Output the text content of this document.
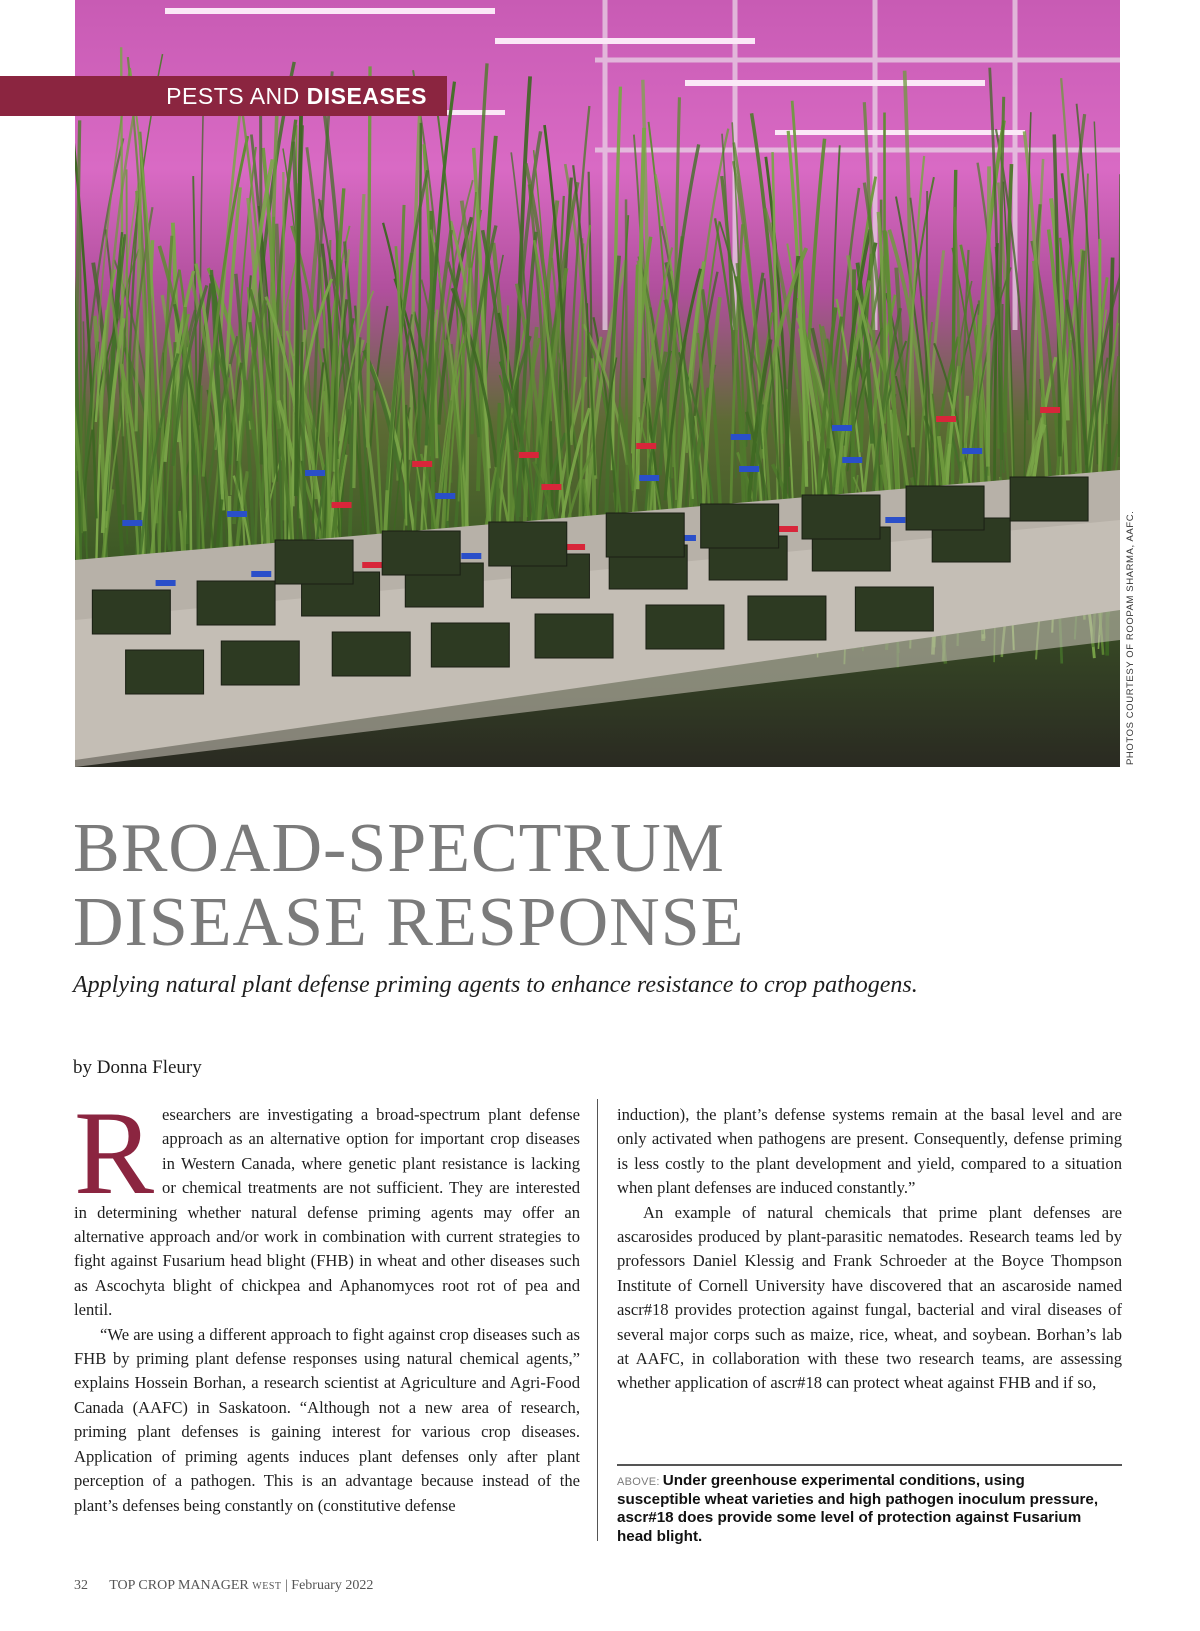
PESTS AND DISEASES
PHOTOS COURTESY OF ROOPAM SHARMA, AAFC.
BROAD-SPECTRUM
DISEASE RESPONSE

Applying natural plant defense priming agents to enhance resistance to crop pathogens.

by Donna Fleury

Researchers are investigating a broad-spectrum plant defense approach as an alternative option for important crop diseases in Western Canada, where genetic plant resistance is lacking or chemical treatments are not sufficient. They are interested in determining whether natural defense priming agents may offer an alternative approach and/or work in combination with current strategies to fight against Fusarium head blight (FHB) in wheat and other diseases such as Ascochyta blight of chickpea and Aphanomyces root rot of pea and lentil.

“We are using a different approach to fight against crop diseases such as FHB by priming plant defense responses using natural chemical agents,” explains Hossein Borhan, a research scientist at Agriculture and Agri-Food Canada (AAFC) in Saskatoon. “Although not a new area of research, priming plant defenses is gaining interest for various crop diseases. Application of priming agents induces plant defenses only after plant perception of a pathogen. This is an advantage because instead of the plant’s defenses being constantly on (constitutive defense

induction), the plant’s defense systems remain at the basal level and are only activated when pathogens are present. Consequently, defense priming is less costly to the plant development and yield, compared to a situation when plant defenses are induced constantly.”

An example of natural chemicals that prime plant defenses are ascarosides produced by plant-parasitic nematodes. Research teams led by professors Daniel Klessig and Frank Schroeder at the Boyce Thompson Institute of Cornell University have discovered that an ascaroside named ascr#18 provides protection against fungal, bacterial and viral diseases of several major corps such as maize, rice, wheat, and soybean. Borhan’s lab at AAFC, in collaboration with these two research teams, are assessing whether application of ascr#18 can protect wheat against FHB and if so,

ABOVE: Under greenhouse experimental conditions, using susceptible wheat varieties and high pathogen inoculum pressure, ascr#18 does provide some level of protection against Fusarium head blight.
32 TOP CROP MANAGER WEST | February 2022
